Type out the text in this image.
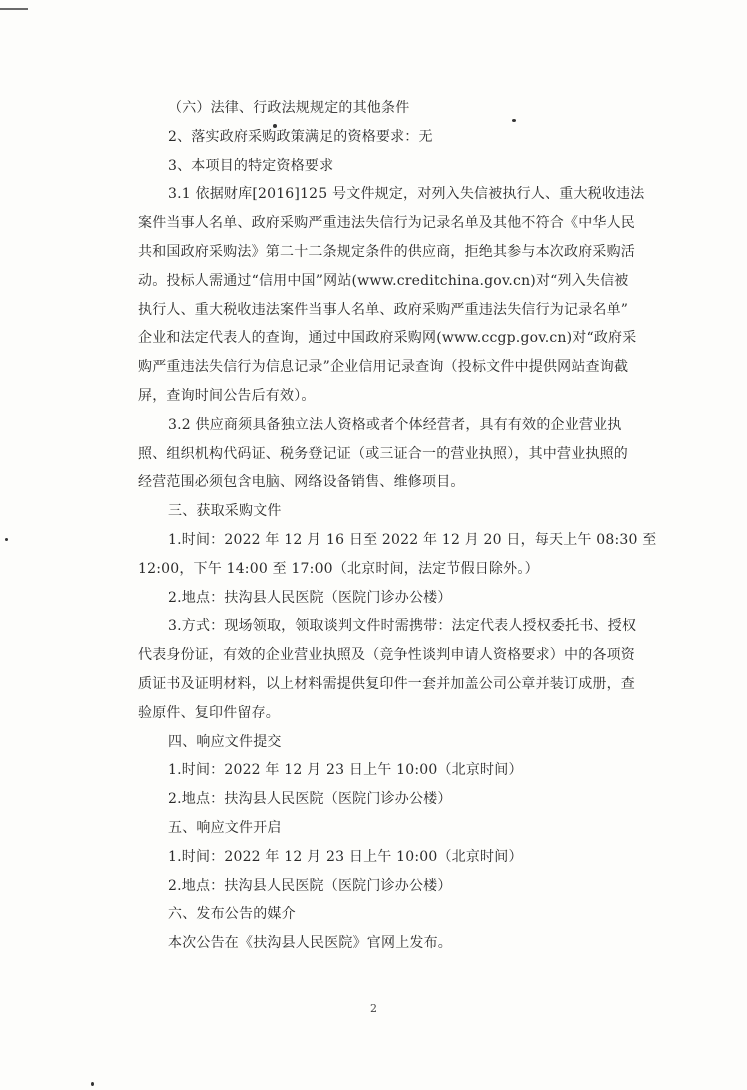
（六）法律、行政法规规定的其他条件
2、落实政府采购政策满足的资格要求：无
3、本项目的特定资格要求
3.1 依据财库[2016]125 号文件规定，对列入失信被执行人、重大税收违法
案件当事人名单、政府采购严重违法失信行为记录名单及其他不符合《中华人民
共和国政府采购法》第二十二条规定条件的供应商，拒绝其参与本次政府采购活
动。投标人需通过“信用中国”网站(www.creditchina.gov.cn)对“列入失信被
执行人、重大税收违法案件当事人名单、政府采购严重违法失信行为记录名单”
企业和法定代表人的查询，通过中国政府采购网(www.ccgp.gov.cn)对“政府采
购严重违法失信行为信息记录”企业信用记录查询（投标文件中提供网站查询截
屏，查询时间公告后有效）。
3.2 供应商须具备独立法人资格或者个体经营者，具有有效的企业营业执
照、组织机构代码证、税务登记证（或三证合一的营业执照），其中营业执照的
经营范围必须包含电脑、网络设备销售、维修项目。
三、获取采购文件
1.时间：2022 年 12 月 16 日至 2022 年 12 月 20 日，每天上午 08:30 至
12:00，下午 14:00 至 17:00（北京时间，法定节假日除外。）
2.地点：扶沟县人民医院（医院门诊办公楼）
3.方式：现场领取，领取谈判文件时需携带：法定代表人授权委托书、授权
代表身份证，有效的企业营业执照及（竞争性谈判申请人资格要求）中的各项资
质证书及证明材料，以上材料需提供复印件一套并加盖公司公章并装订成册，查
验原件、复印件留存。
四、响应文件提交
1.时间：2022 年 12 月 23 日上午 10:00（北京时间）
2.地点：扶沟县人民医院（医院门诊办公楼）
五、响应文件开启
1.时间：2022 年 12 月 23 日上午 10:00（北京时间）
2.地点：扶沟县人民医院（医院门诊办公楼）
六、发布公告的媒介
本次公告在《扶沟县人民医院》官网上发布。
2
